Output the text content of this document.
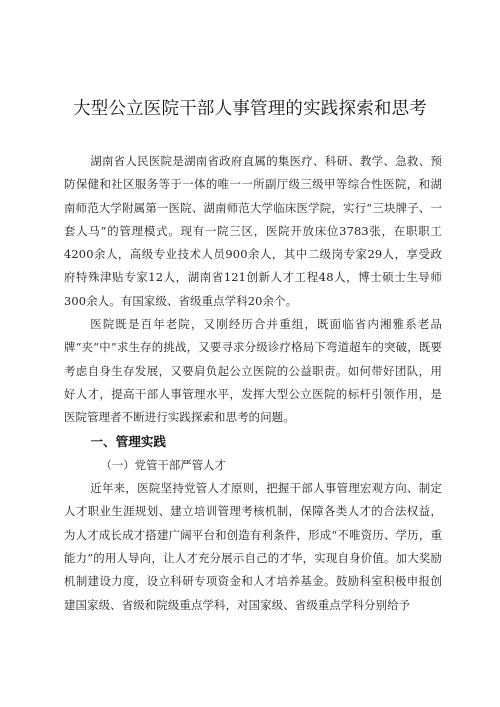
大型公立医院干部人事管理的实践探索和思考

湖南省人民医院是湖南省政府直属的集医疗、科研、教学、急救、预防保健和社区服务等于一体的唯一一所副厅级三级甲等综合性医院，和湖南师范大学附属第一医院、湖南师范大学临床医学院，实行“三块牌子、一套人马”的管理模式。现有一院三区，医院开放床位3783张，在职职工4200余人，高级专业技术人员900余人，其中二级岗专家29人，享受政府特殊津贴专家12人，湖南省121创新人才工程48人，博士硕士生导师300余人。有国家级、省级重点学科20余个。

医院既是百年老院，又刚经历合并重组，既面临省内湘雅系老品牌“夹“中”求生存的挑战，又要寻求分级诊疗格局下弯道超车的突破，既要考虑自身生存发展，又要肩负起公立医院的公益职责。如何带好团队，用好人才，提高干部人事管理水平，发挥大型公立医院的标杆引领作用，是医院管理者不断进行实践探索和思考的问题。

一、管理实践

（一）党管干部严管人才

近年来，医院坚持党管人才原则，把握干部人事管理宏观方向、制定人才职业生涯规划、建立培训管理考核机制，保障各类人才的合法权益，为人才成长成才搭建广阔平台和创造有利条件，形成“不唯资历、学历，重能力”的用人导向，让人才充分展示自己的才华，实现自身价值。加大奖励机制建设力度，设立科研专项资金和人才培养基金。鼓励科室积极申报创建国家级、省级和院级重点学科，对国家级、省级重点学科分别给予
